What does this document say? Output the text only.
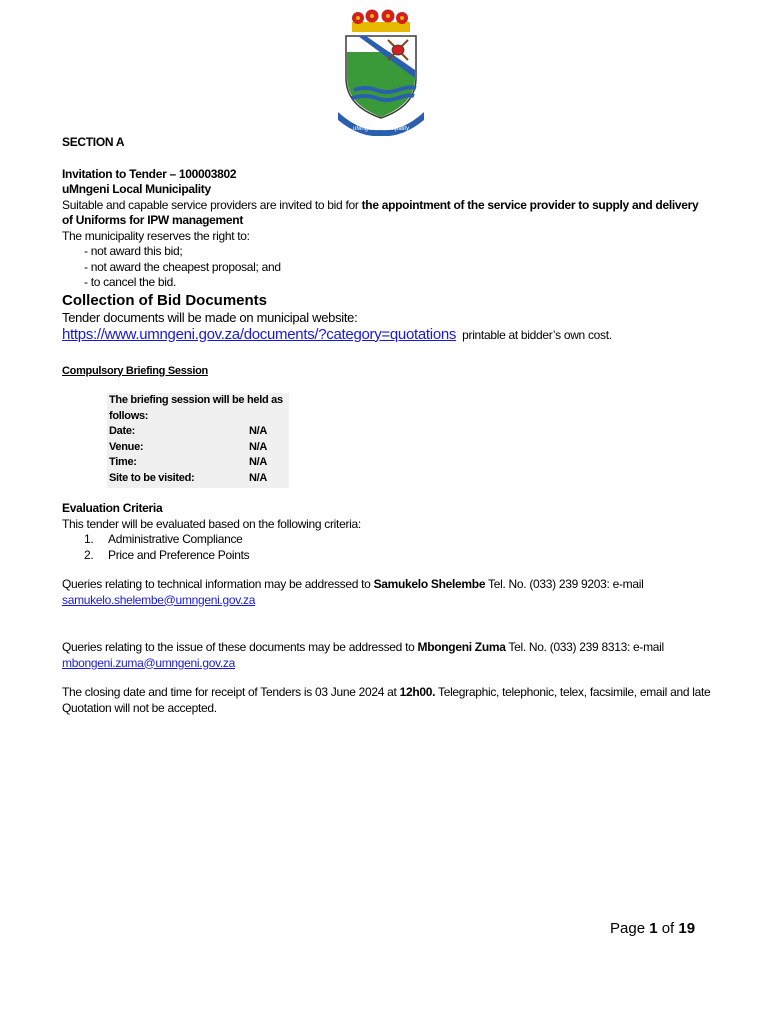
uMngeni Municipality
SECTION A
Invitation to Tender – 100003802
uMngeni Local Municipality
Suitable and capable service providers are invited to bid for the appointment of the service provider to supply and delivery of Uniforms for IPW management
The municipality reserves the right to:
- not award this bid;
- not award the cheapest proposal; and
- to cancel the bid.
Collection of Bid Documents
Tender documents will be made on municipal website:
https://www.umngeni.gov.za/documents/?category=quotations printable at bidder’s own cost.
Compulsory Briefing Session
The briefing session will be held as follows:
Date:	N/A
Venue:	N/A
Time:	N/A
Site to be visited:	N/A
Evaluation Criteria
This tender will be evaluated based on the following criteria:
1. Administrative Compliance
2. Price and Preference Points
Queries relating to technical information may be addressed to Samukelo Shelembe Tel. No. (033) 239 9203: e-mail
samukelo.shelembe@umngeni.gov.za
Queries relating to the issue of these documents may be addressed to Mbongeni Zuma Tel. No. (033) 239 8313: e-mail
mbongeni.zuma@umngeni.gov.za
The closing date and time for receipt of Tenders is 03 June 2024 at 12h00. Telegraphic, telephonic, telex, facsimile, email and late Quotation will not be accepted.
Page 1 of 19
